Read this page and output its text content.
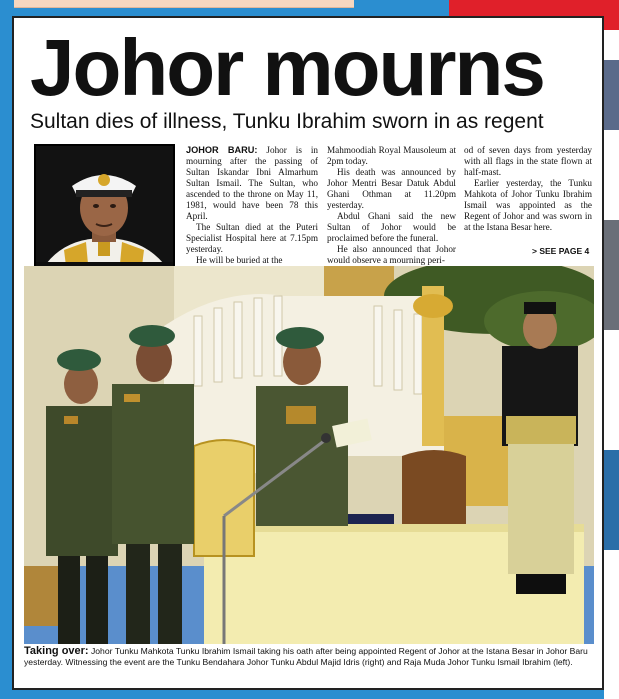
Johor mourns
Sultan dies of illness, Tunku Ibrahim sworn in as regent

JOHOR BARU: Johor is in mourning after the passing of Sultan Iskandar Ibni Almarhum Sultan Ismail. The Sultan, who ascended to the throne on May 11, 1981, would have been 78 this April.

The Sultan died at the Puteri Specialist Hospital here at 7.15pm yesterday.

He will be buried at the

Mahmoodiah Royal Mausoleum at 2pm today.

His death was announced by Johor Mentri Besar Datuk Abdul Ghani Othman at 11.20pm yesterday.

Abdul Ghani said the new Sultan of Johor would be proclaimed before the funeral.

He also announced that Johor would observe a mourning peri-

od of seven days from yesterday with all flags in the state flown at half-mast.

Earlier yesterday, the Tunku Mahkota of Johor Tunku Ibrahim Ismail was appointed as the Regent of Johor and was sworn in at the Istana Besar here.

> SEE PAGE 4
Taking over: Johor Tunku Mahkota Tunku Ibrahim Ismail taking his oath after being appointed Regent of Johor at the Istana Besar in Johor Baru yesterday. Witnessing the event are the Tunku Bendahara Johor Tunku Abdul Majid Idris (right) and Raja Muda Johor Tunku Ismail Ibrahim (left).
